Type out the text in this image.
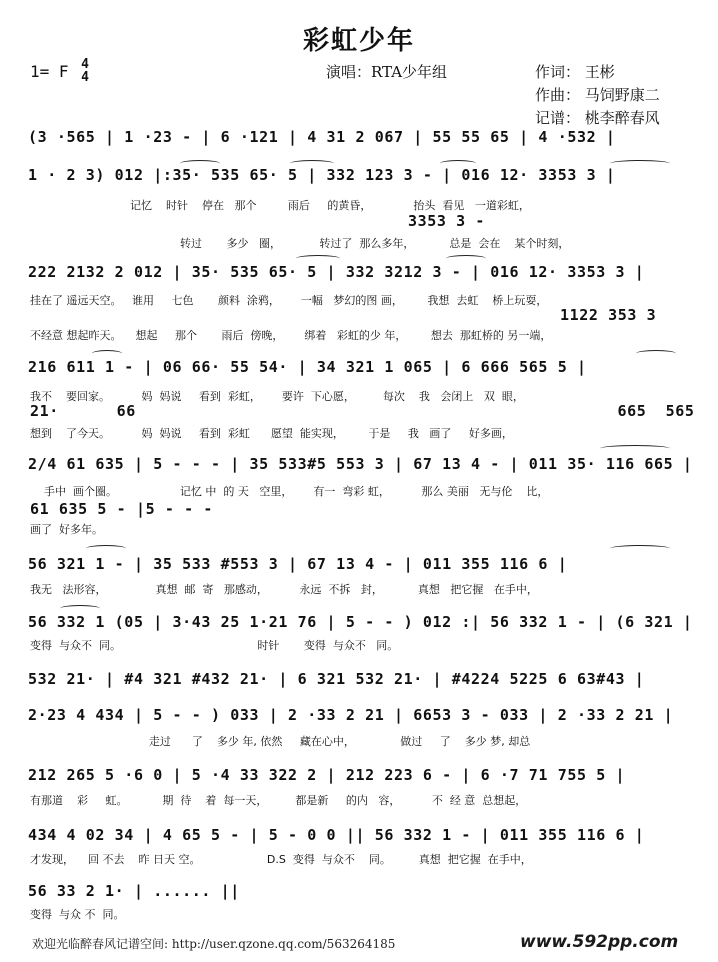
彩虹少年
1= F 4
4	演唱：RTA少年组	作词： 王彬
作曲： 马饲野康二
记谱： 桃李醉春风
(3 ·565 | 1 ·23 - | 6 ·121 | 4 31 2 067 | 55 55 65 | 4 ·532 |
1 · 2 3) 012 |:35· 535 65· 5 | 332 123 3 - | 016 12· 3353 3 |
记忆    时针    停在   那个         雨后     的黄昏，            抬头  看见   一道彩虹，
3353 3 -
转过       多少   圈，           转过了  那么多年，          总是  会在    某个时刻，
222 2132 2 012 | 35· 535 65· 5 | 332 3212 3 - | 016 12· 3353 3 |
挂在了 遥远天空。   谁用     七色       颜料  涂鸦，      一幅   梦幻的图 画，       我想  去虹    桥上玩耍，
1122 353 3
不经意 想起昨天。    想起     那个       雨后  傍晚，      绑着   彩虹的少 年，       想去  那虹桥的 另一端，
216 611 1 - | 06 66· 55 54· | 34 321 1 065 | 6 666 565 5 |
我不    要回家。         妈  妈说     看到  彩虹，      要许  下心愿，        每次    我   会闭上   双  眼，
21·      66                                                  665  565
想到    了今天。         妈  妈说     看到  彩虹      愿望  能实现，       于是     我   画了     好多画，
2/4 61 635 | 5 - - - | 35 533#5 553 3 | 67 13 4 - | 011 35· 116 665 |
手中  画个圈。                  记忆 中  的 天   空里，      有一  弯彩 虹，         那么 美丽   无与伦    比，
61 635 5 - |5 - - -
画了  好多年。
56 321 1 - | 35 533 #553 3 | 67 13 4 - | 011 355 116 6 |
我无   法形容，              真想  邮  寄   那感动，         永远  不拆   封，          真想   把它握   在手中，
56 332 1 (05 | 3·43 25 1·21 76 | 5 - - ) 012 :| 56 332 1 - | (6 321 |
变得  与众不  同。                                       时针       变得  与众不   同。
532 21· | #4 321 #432 21· | 6 321 532 21· | #4224 5225 6 63#43 |
2·23 4 434 | 5 - - ) 033 | 2 ·33 2 21 | 6653 3 - 033 | 2 ·33 2 21 |
走过      了    多少 年, 依然     藏在心中，             做过     了    多少 梦, 却总
212 265 5 ·6 0 | 5 ·4 33 322 2 | 212 223 6 - | 6 ·7 71 755 5 |
有那道    彩     虹。          期  待    着  每一天，        都是新     的内   容，         不  经 意  总想起，
434 4 02 34 | 4 65 5 - | 5 - 0 0 || 56 332 1 - | 011 355 116 6 |
才发现，    回 不去    昨 日天 空。                   D.S  变得  与众不    同。        真想  把它握  在手中，
56 33 2 1· | ...... ||
变得  与众 不  同。
欢迎光临醉春风记谱空间: http://user.qzone.qq.com/563264185	www.592pp.com
